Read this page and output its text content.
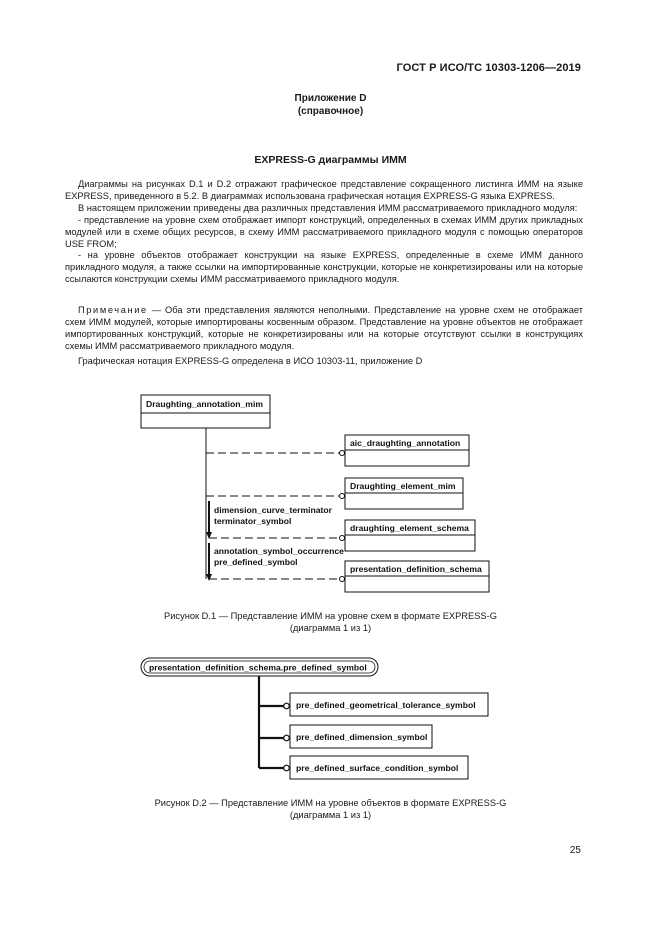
ГОСТ Р ИСО/ТС 10303-1206—2019
Приложение D
(справочное)
EXPRESS-G диаграммы ИММ

Диаграммы на рисунках D.1 и D.2 отражают графическое представление сокращенного листинга ИММ на языке EXPRESS, приведенного в 5.2. В диаграммах использована графическая нотация EXPRESS-G языка EXPRESS.

В настоящем приложении приведены два различных представления ИММ рассматриваемого прикладного модуля:

- представление на уровне схем отображает импорт конструкций, определенных в схемах ИММ других прикладных модулей или в схеме общих ресурсов, в схему ИММ рассматриваемого прикладного модуля с помощью операторов USE FROM;

- на уровне объектов отображает конструкции на языке EXPRESS, определенные в схеме ИММ данного прикладного модуля, а также ссылки на импортированные конструкции, которые не конкретизированы или на которые ссылаются конструкции схемы ИММ рассматриваемого прикладного модуля.

Примечание — Оба эти представления являются неполными. Представление на уровне схем не отображает схем ИММ модулей, которые импортированы косвенным образом. Представление на уровне объектов не отображает импортированных конструкций, которые не конкретизированы или на которые отсутствуют ссылки в конструкциях схемы ИММ рассматриваемого прикладного модуля.

Графическая нотация EXPRESS-G определена в ИСО 10303-11, приложение D

Draughting_annotation_mim
aic_draughting_annotation
Draughting_element_mim
draughting_element_schema
dimension_curve_terminator
terminator_symbol
presentation_definition_schema
annotation_symbol_occurrence
pre_defined_symbol
presentation_definition_schema.pre_defined_symbol
pre_defined_geometrical_tolerance_symbol
pre_defined_dimension_symbol
pre_defined_surface_condition_symbol
Рисунок D.1 — Представление ИММ на уровне схем в формате EXPRESS-G
(диаграмма 1 из 1)
Рисунок D.2 — Представление ИММ на уровне объектов в формате EXPRESS-G
(диаграмма 1 из 1)
25
